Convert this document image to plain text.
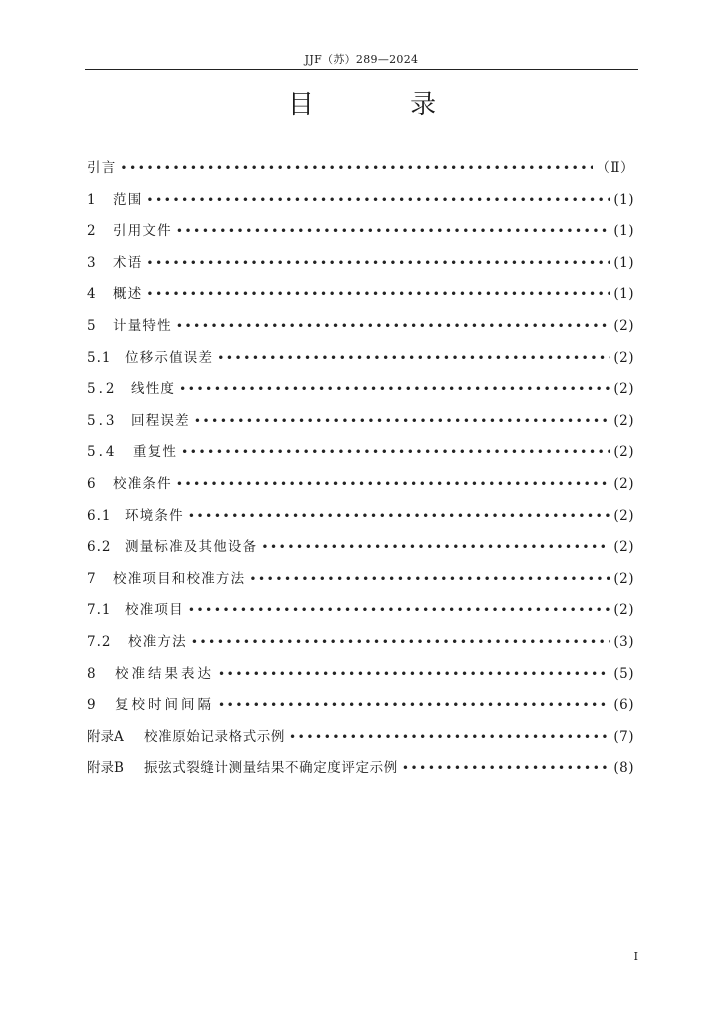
JJF（苏）289—2024
目 录
引言 •••••	（Ⅱ）
1	范围 •••••	(1)
2	引用文件 •••••	(1)
3	术语 •••••	(1)
4	概述 •••••	(1)
5	计量特性 •••••	(2)
5.1	位移示值误差 •••••	(2)
5.2	线性度 •••••	(2)
5.3	回程误差 •••••	(2)
5.4	重复性 •••••	(2)
6	校准条件 •••••	(2)
6.1	环境条件 •••••	(2)
6.2	测量标准及其他设备 •••••	(2)
7	校准项目和校准方法 •••••	(2)
7.1	校准项目 •••••	(2)
7.2	校准方法 •••••	(3)
8	校准结果表达 •••••	(5)
9	复校时间间隔 •••••	(6)
附录A	校准原始记录格式示例 •••••	(7)
附录B	振弦式裂缝计测量结果不确定度评定示例 •••••	(8)
I
